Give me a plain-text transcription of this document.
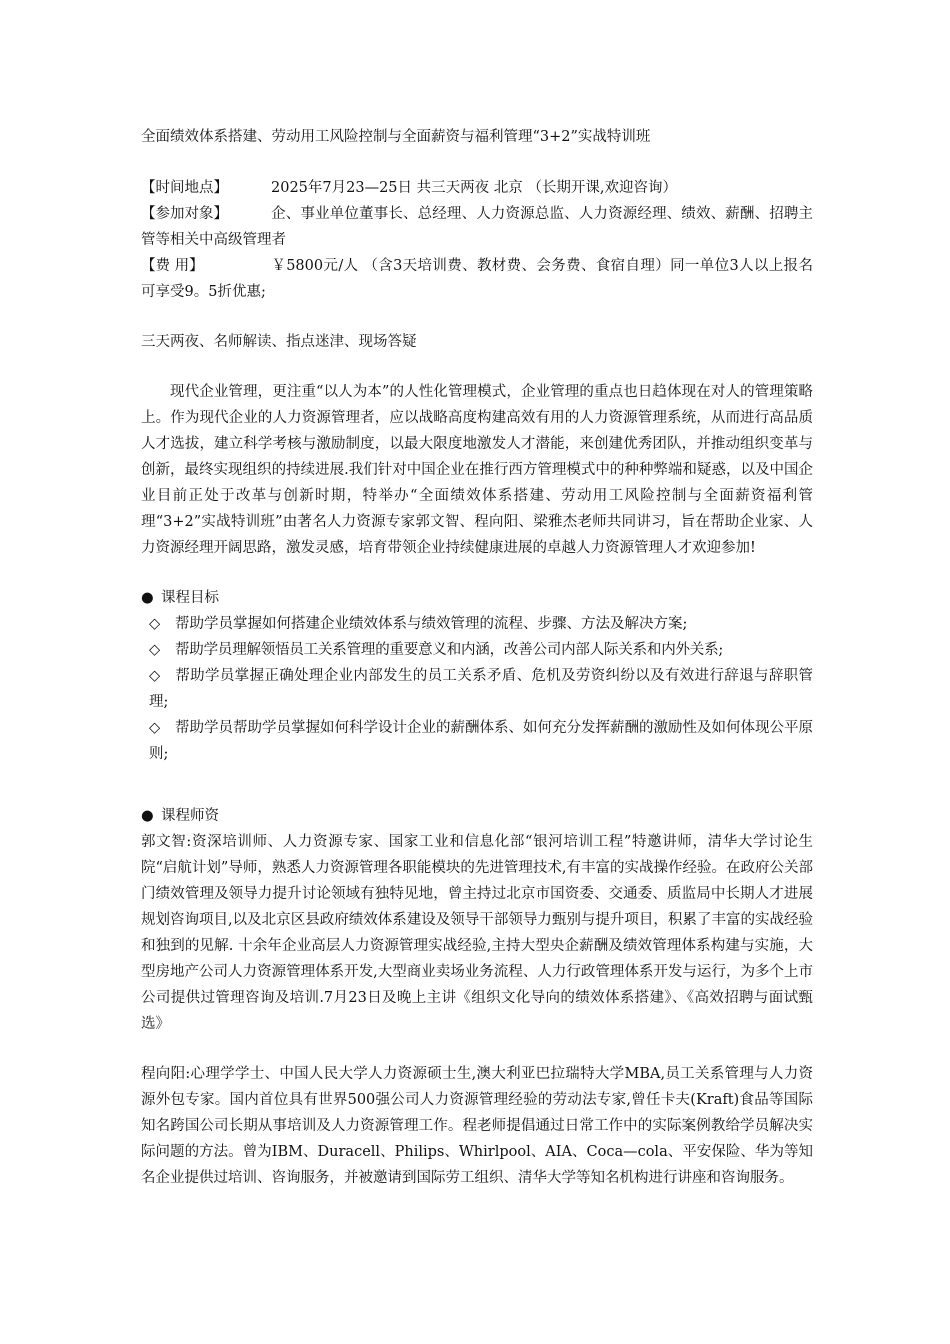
全面绩效体系搭建、劳动用工风险控制与全面薪资与福利管理“3+2”实战特训班

【时间地点】	2025年7月23—25日 共三天两夜 北京 （长期开课,欢迎咨询）

【参加对象】	企、事业单位董事长、总经理、人力资源总监、人力资源经理、绩效、薪酬、招聘主管等相关中高级管理者

【费 用】	￥5800元/人 （含3天培训费、教材费、会务费、食宿自理）同一单位3人以上报名可享受9。5折优惠;

三天两夜、名师解读、指点迷津、现场答疑

现代企业管理，更注重“以人为本”的人性化管理模式，企业管理的重点也日趋体现在对人的管理策略上。作为现代企业的人力资源管理者，应以战略高度构建高效有用的人力资源管理系统，从而进行高品质人才选拔，建立科学考核与激励制度，以最大限度地激发人才潜能，来创建优秀团队，并推动组织变革与创新，最终实现组织的持续进展.我们针对中国企业在推行西方管理模式中的种种弊端和疑惑，以及中国企业目前正处于改革与创新时期，特举办“全面绩效体系搭建、劳动用工风险控制与全面薪资福利管理“3+2”实战特训班”由著名人力资源专家郭文智、程向阳、梁雅杰老师共同讲习，旨在帮助企业家、人力资源经理开阔思路，激发灵感，培育带领企业持续健康进展的卓越人力资源管理人才欢迎参加!

● 课程目标

◇ 帮助学员掌握如何搭建企业绩效体系与绩效管理的流程、步骤、方法及解决方案;

◇ 帮助学员理解领悟员工关系管理的重要意义和内涵，改善公司内部人际关系和内外关系;

◇ 帮助学员掌握正确处理企业内部发生的员工关系矛盾、危机及劳资纠纷以及有效进行辞退与辞职管理;

◇ 帮助学员帮助学员掌握如何科学设计企业的薪酬体系、如何充分发挥薪酬的激励性及如何体现公平原则;

● 课程师资

郭文智:资深培训师、人力资源专家、国家工业和信息化部“银河培训工程”特邀讲师，清华大学讨论生院“启航计划”导师，熟悉人力资源管理各职能模块的先进管理技术,有丰富的实战操作经验。在政府公关部门绩效管理及领导力提升讨论领域有独特见地，曾主持过北京市国资委、交通委、质监局中长期人才进展规划咨询项目,以及北京区县政府绩效体系建设及领导干部领导力甄别与提升项目，积累了丰富的实战经验和独到的见解. 十余年企业高层人力资源管理实战经验,主持大型央企薪酬及绩效管理体系构建与实施，大型房地产公司人力资源管理体系开发,大型商业卖场业务流程、人力行政管理体系开发与运行，为多个上市公司提供过管理咨询及培训.7月23日及晚上主讲《组织文化导向的绩效体系搭建》、《高效招聘与面试甄选》

程向阳:心理学学士、中国人民大学人力资源硕士生,澳大利亚巴拉瑞特大学MBA,员工关系管理与人力资源外包专家。国内首位具有世界500强公司人力资源管理经验的劳动法专家,曾任卡夫(Kraft)食品等国际知名跨国公司长期从事培训及人力资源管理工作。程老师提倡通过日常工作中的实际案例教给学员解决实际问题的方法。曾为IBM、Duracell、Philips、Whirlpool、AIA、Coca—cola、平安保险、华为等知名企业提供过培训、咨询服务，并被邀请到国际劳工组织、清华大学等知名机构进行讲座和咨询服务。
